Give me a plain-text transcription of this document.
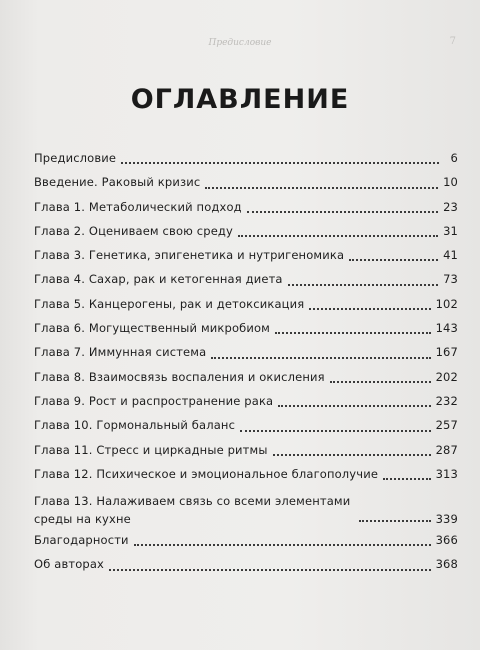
Предисловие	7
ОГЛАВЛЕНИЕ
Предисловие	6
Введение. Раковый кризис	10
Глава 1. Метаболический подход	23
Глава 2. Оцениваем свою среду	31
Глава 3. Генетика, эпигенетика и нутригеномика	41
Глава 4. Сахар, рак и кетогенная диета	73
Глава 5. Канцерогены, рак и детоксикация	102
Глава 6. Могущественный микробиом	143
Глава 7. Иммунная система	167
Глава 8. Взаимосвязь воспаления и окисления	202
Глава 9. Рост и распространение рака	232
Глава 10. Гормональный баланс	257
Глава 11. Стресс и циркадные ритмы	287
Глава 12. Психическое и эмоциональное благополучие	313
Глава 13. Налаживаем связь со всеми элементами среды на кухне	339
Благодарности	366
Об авторах	368
